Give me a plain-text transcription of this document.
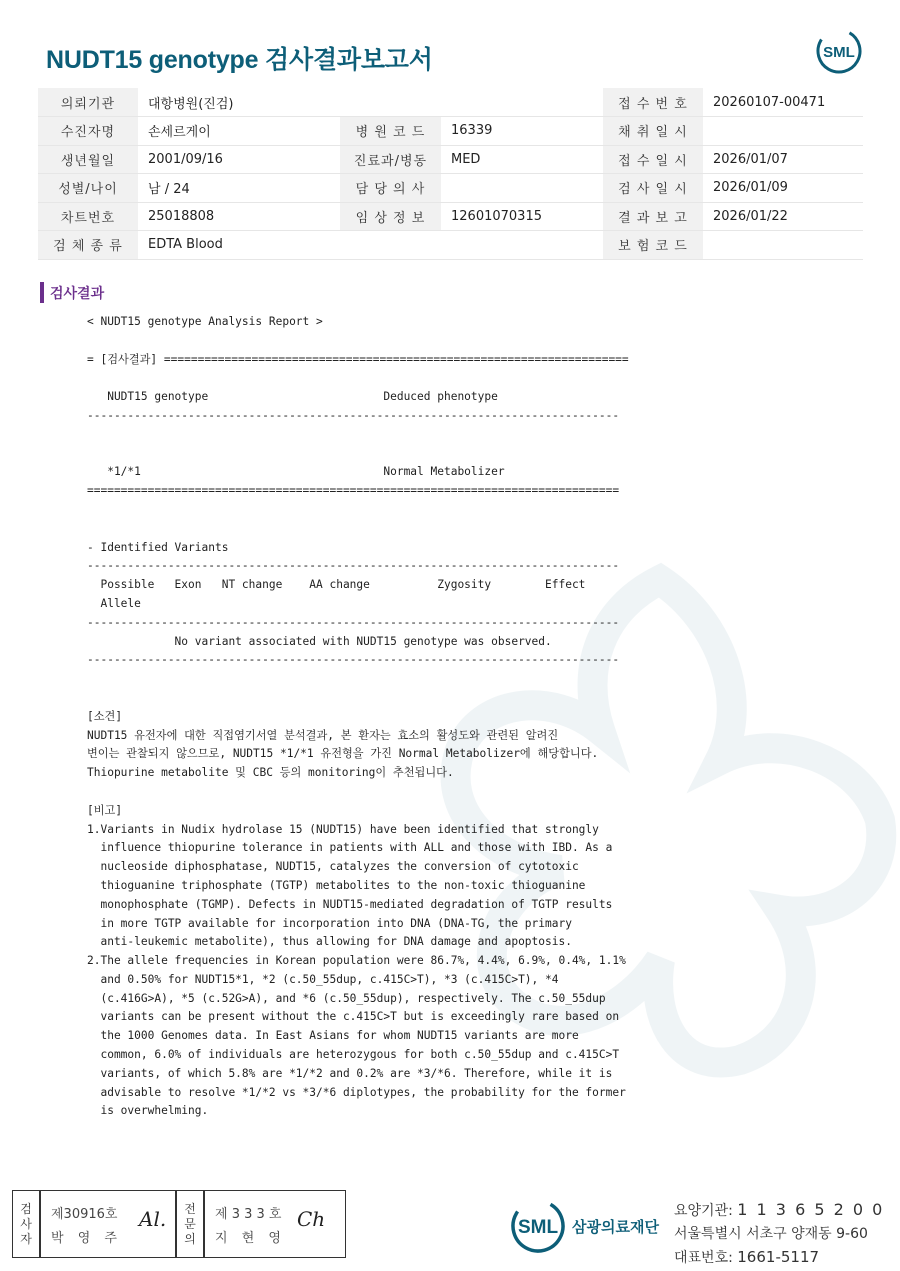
NUDT15 genotype 검사결과보고서	SML
의뢰기관	대항병원(진검)			접 수 번 호	20260107-00471
수진자명	손세르게이	병 원 코 드	16339	채 취 일 시	
생년월일	2001/09/16	진료과/병동	MED	접 수 일 시	2026/01/07
성별/나이	남 / 24	담 당 의 사		검 사 일 시	2026/01/09
차트번호	25018808	임 상 정 보	12601070315	결 과 보 고	2026/01/22
검 체 종 류	EDTA Blood			보 험 코 드	
검사결과
< NUDT15 genotype Analysis Report >
= [검사결과] =====================================================================
NUDT15 genotype                          Deduced phenotype
-------------------------------------------------------------------------------
*1/*1                                    Normal Metabolizer
===============================================================================
- Identified Variants
-------------------------------------------------------------------------------
Possible   Exon   NT change    AA change          Zygosity        Effect
Allele
-------------------------------------------------------------------------------
No variant associated with NUDT15 genotype was observed.
-------------------------------------------------------------------------------
[소견]
NUDT15 유전자에 대한 직접염기서열 분석결과, 본 환자는 효소의 활성도와 관련된 알려진
변이는 관찰되지 않으므로, NUDT15 *1/*1 유전형을 가진 Normal Metabolizer에 해당합니다.
Thiopurine metabolite 및 CBC 등의 monitoring이 추천됩니다.
[비고]
1.Variants in Nudix hydrolase 15 (NUDT15) have been identified that strongly
influence thiopurine tolerance in patients with ALL and those with IBD. As a
nucleoside diphosphatase, NUDT15, catalyzes the conversion of cytotoxic
thioguanine triphosphate (TGTP) metabolites to the non-toxic thioguanine
monophosphate (TGMP). Defects in NUDT15-mediated degradation of TGTP results
in more TGTP available for incorporation into DNA (DNA-TG, the primary
anti-leukemic metabolite), thus allowing for DNA damage and apoptosis.
2.The allele frequencies in Korean population were 86.7%, 4.4%, 6.9%, 0.4%, 1.1%
and 0.50% for NUDT15*1, *2 (c.50_55dup, c.415C>T), *3 (c.415C>T), *4
(c.416G>A), *5 (c.52G>A), and *6 (c.50_55dup), respectively. The c.50_55dup
variants can be present without the c.415C>T but is exceedingly rare based on
the 1000 Genomes data. In East Asians for whom NUDT15 variants are more
common, 6.0% of individuals are heterozygous for both c.50_55dup and c.415C>T
variants, of which 5.8% are *1/*2 and 0.2% are *3/*6. Therefore, while it is
advisable to resolve *1/*2 vs *3/*6 diplotypes, the probability for the former
is overwhelming.
검
사
자
제30916호
박 영 주
Al. 전
문
의
제 3 3 3 호
지 현 영
Ch	SML 삼광의료재단
요양기관: 1 1 3 6 5 2 0 0
서울특별시 서초구 양재동 9-60
대표번호: 1661-5117
